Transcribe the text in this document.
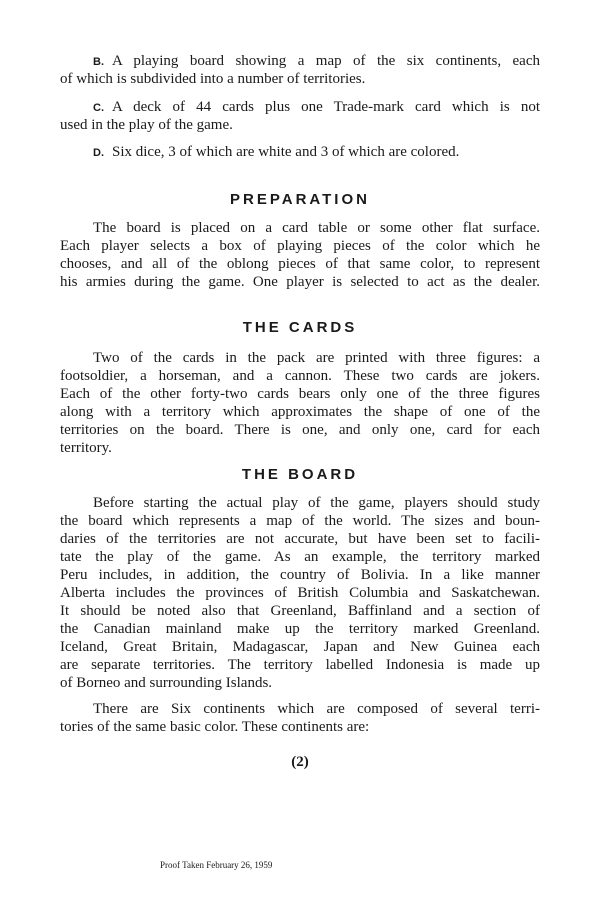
B. A playing board showing a map of the six continents, each
of which is subdivided into a number of territories.
C. A deck of 44 cards plus one Trade-mark card which is not
used in the play of the game.
D. Six dice, 3 of which are white and 3 of which are colored.
PREPARATION
The board is placed on a card table or some other flat surface.
Each player selects a box of playing pieces of the color which he
chooses, and all of the oblong pieces of that same color, to represent
his armies during the game. One player is selected to act as the dealer.
THE CARDS
Two of the cards in the pack are printed with three figures: a
footsoldier, a horseman, and a cannon. These two cards are jokers.
Each of the other forty-two cards bears only one of the three figures
along with a territory which approximates the shape of one of the
territories on the board. There is one, and only one, card for each
territory.
THE BOARD
Before starting the actual play of the game, players should study
the board which represents a map of the world. The sizes and boun-
daries of the territories are not accurate, but have been set to facili-
tate the play of the game. As an example, the territory marked
Peru includes, in addition, the country of Bolivia. In a like manner
Alberta includes the provinces of British Columbia and Saskatchewan.
It should be noted also that Greenland, Baffinland and a section of
the Canadian mainland make up the territory marked Greenland.
Iceland, Great Britain, Madagascar, Japan and New Guinea each
are separate territories. The territory labelled Indonesia is made up
of Borneo and surrounding Islands.
There are Six continents which are composed of several terri-
tories of the same basic color. These continents are:
(2)
Proof Taken February 26, 1959
